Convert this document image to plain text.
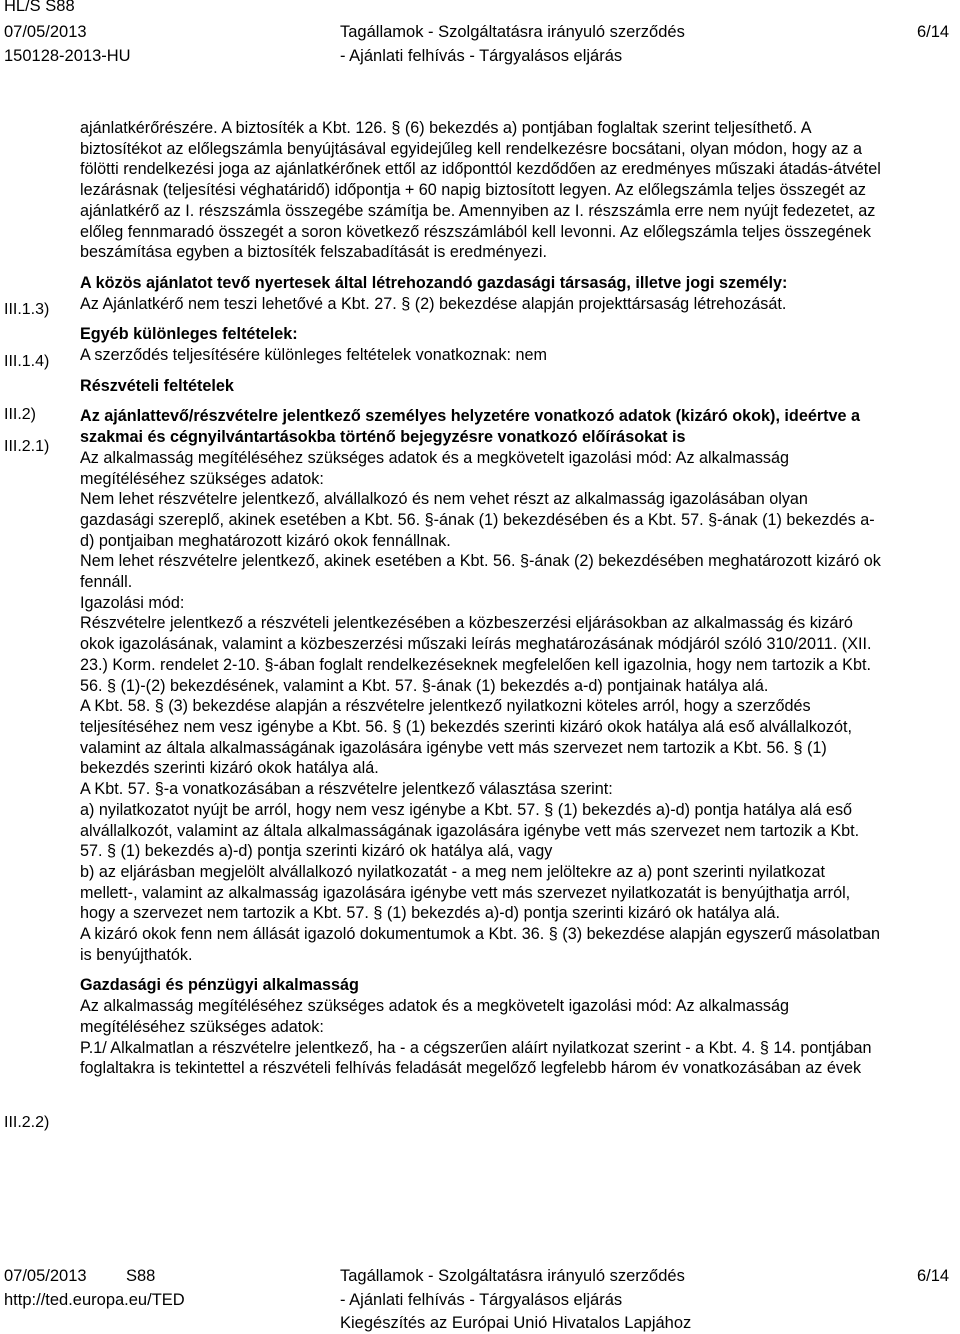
HL/S S88
07/05/2013
150128-2013-HU
Tagállamok - Szolgáltatásra irányuló szerződés
- Ajánlati felhívás - Tárgyalásos eljárás
6/14
III.1.3)
III.1.4)
III.2)
III.2.1)
III.2.2)

ajánlatkérőrészére. A biztosíték a Kbt. 126. § (6) bekezdés a) pontjában foglaltak szerint teljesíthető. A

biztosítékot az előlegszámla benyújtásával egyidejűleg kell rendelkezésre bocsátani, olyan módon, hogy az a

fölötti rendelkezési joga az ajánlatkérőnek ettől az időponttól kezdődően az eredményes műszaki átadás-átvétel

lezárásnak (teljesítési véghatáridő) időpontja + 60 napig biztosított legyen. Az előlegszámla teljes összegét az

ajánlatkérő az I. részszámla összegébe számítja be. Amennyiben az I. részszámla erre nem nyújt fedezetet, az

előleg fennmaradó összegét a soron következő részszámlából kell levonni. Az előlegszámla teljes összegének

beszámítása egyben a biztosíték felszabadítását is eredményezi.

A közös ajánlatot tevő nyertesek által létrehozandó gazdasági társaság, illetve jogi személy:

Az Ajánlatkérő nem teszi lehetővé a Kbt. 27. § (2) bekezdése alapján projekttársaság létrehozását.

Egyéb különleges feltételek:

A szerződés teljesítésére különleges feltételek vonatkoznak: nem

Részvételi feltételek

Az ajánlattevő/részvételre jelentkező személyes helyzetére vonatkozó adatok (kizáró okok), ideértve a

szakmai és cégnyilvántartásokba történő bejegyzésre vonatkozó előírásokat is

Az alkalmasság megítéléséhez szükséges adatok és a megkövetelt igazolási mód: Az alkalmasság

megítéléséhez szükséges adatok:

Nem lehet részvételre jelentkező, alvállalkozó és nem vehet részt az alkalmasság igazolásában olyan

gazdasági szereplő, akinek esetében a Kbt. 56. §-ának (1) bekezdésében és a Kbt. 57. §-ának (1) bekezdés a-

d) pontjaiban meghatározott kizáró okok fennállnak.

Nem lehet részvételre jelentkező, akinek esetében a Kbt. 56. §-ának (2) bekezdésében meghatározott kizáró ok

fennáll.

Igazolási mód:

Részvételre jelentkező a részvételi jelentkezésében a közbeszerzési eljárásokban az alkalmasság és kizáró

okok igazolásának, valamint a közbeszerzési műszaki leírás meghatározásának módjáról szóló 310/2011. (XII.

23.) Korm. rendelet 2-10. §-ában foglalt rendelkezéseknek megfelelően kell igazolnia, hogy nem tartozik a Kbt.

56. § (1)-(2) bekezdésének, valamint a Kbt. 57. §-ának (1) bekezdés a-d) pontjainak hatálya alá.

A Kbt. 58. § (3) bekezdése alapján a részvételre jelentkező nyilatkozni köteles arról, hogy a szerződés

teljesítéséhez nem vesz igénybe a Kbt. 56. § (1) bekezdés szerinti kizáró okok hatálya alá eső alvállalkozót,

valamint az általa alkalmasságának igazolására igénybe vett más szervezet nem tartozik a Kbt. 56. § (1)

bekezdés szerinti kizáró okok hatálya alá.

A Kbt. 57. §-a vonatkozásában a részvételre jelentkező választása szerint:

a) nyilatkozatot nyújt be arról, hogy nem vesz igénybe a Kbt. 57. § (1) bekezdés a)-d) pontja hatálya alá eső

alvállalkozót, valamint az általa alkalmasságának igazolására igénybe vett más szervezet nem tartozik a Kbt.

57. § (1) bekezdés a)-d) pontja szerinti kizáró ok hatálya alá, vagy

b) az eljárásban megjelölt alvállalkozó nyilatkozatát - a meg nem jelöltekre az a) pont szerinti nyilatkozat

mellett-, valamint az alkalmasság igazolására igénybe vett más szervezet nyilatkozatát is benyújthatja arról,

hogy a szervezet nem tartozik a Kbt. 57. § (1) bekezdés a)-d) pontja szerinti kizáró ok hatálya alá.

A kizáró okok fenn nem állását igazoló dokumentumok a Kbt. 36. § (3) bekezdése alapján egyszerű másolatban

is benyújthatók.

Gazdasági és pénzügyi alkalmasság

Az alkalmasság megítéléséhez szükséges adatok és a megkövetelt igazolási mód: Az alkalmasság

megítéléséhez szükséges adatok:

P.1/ Alkalmatlan a részvételre jelentkező, ha - a cégszerűen aláírt nyilatkozat szerint - a Kbt. 4. § 14. pontjában

foglaltakra is tekintettel a részvételi felhívás feladását megelőző legfelebb három év vonatkozásában az évek

07/05/2013 S88
http://ted.europa.eu/TED
Tagállamok - Szolgáltatásra irányuló szerződés
- Ajánlati felhívás - Tárgyalásos eljárás
Kiegészítés az Európai Unió Hivatalos Lapjához
6/14
